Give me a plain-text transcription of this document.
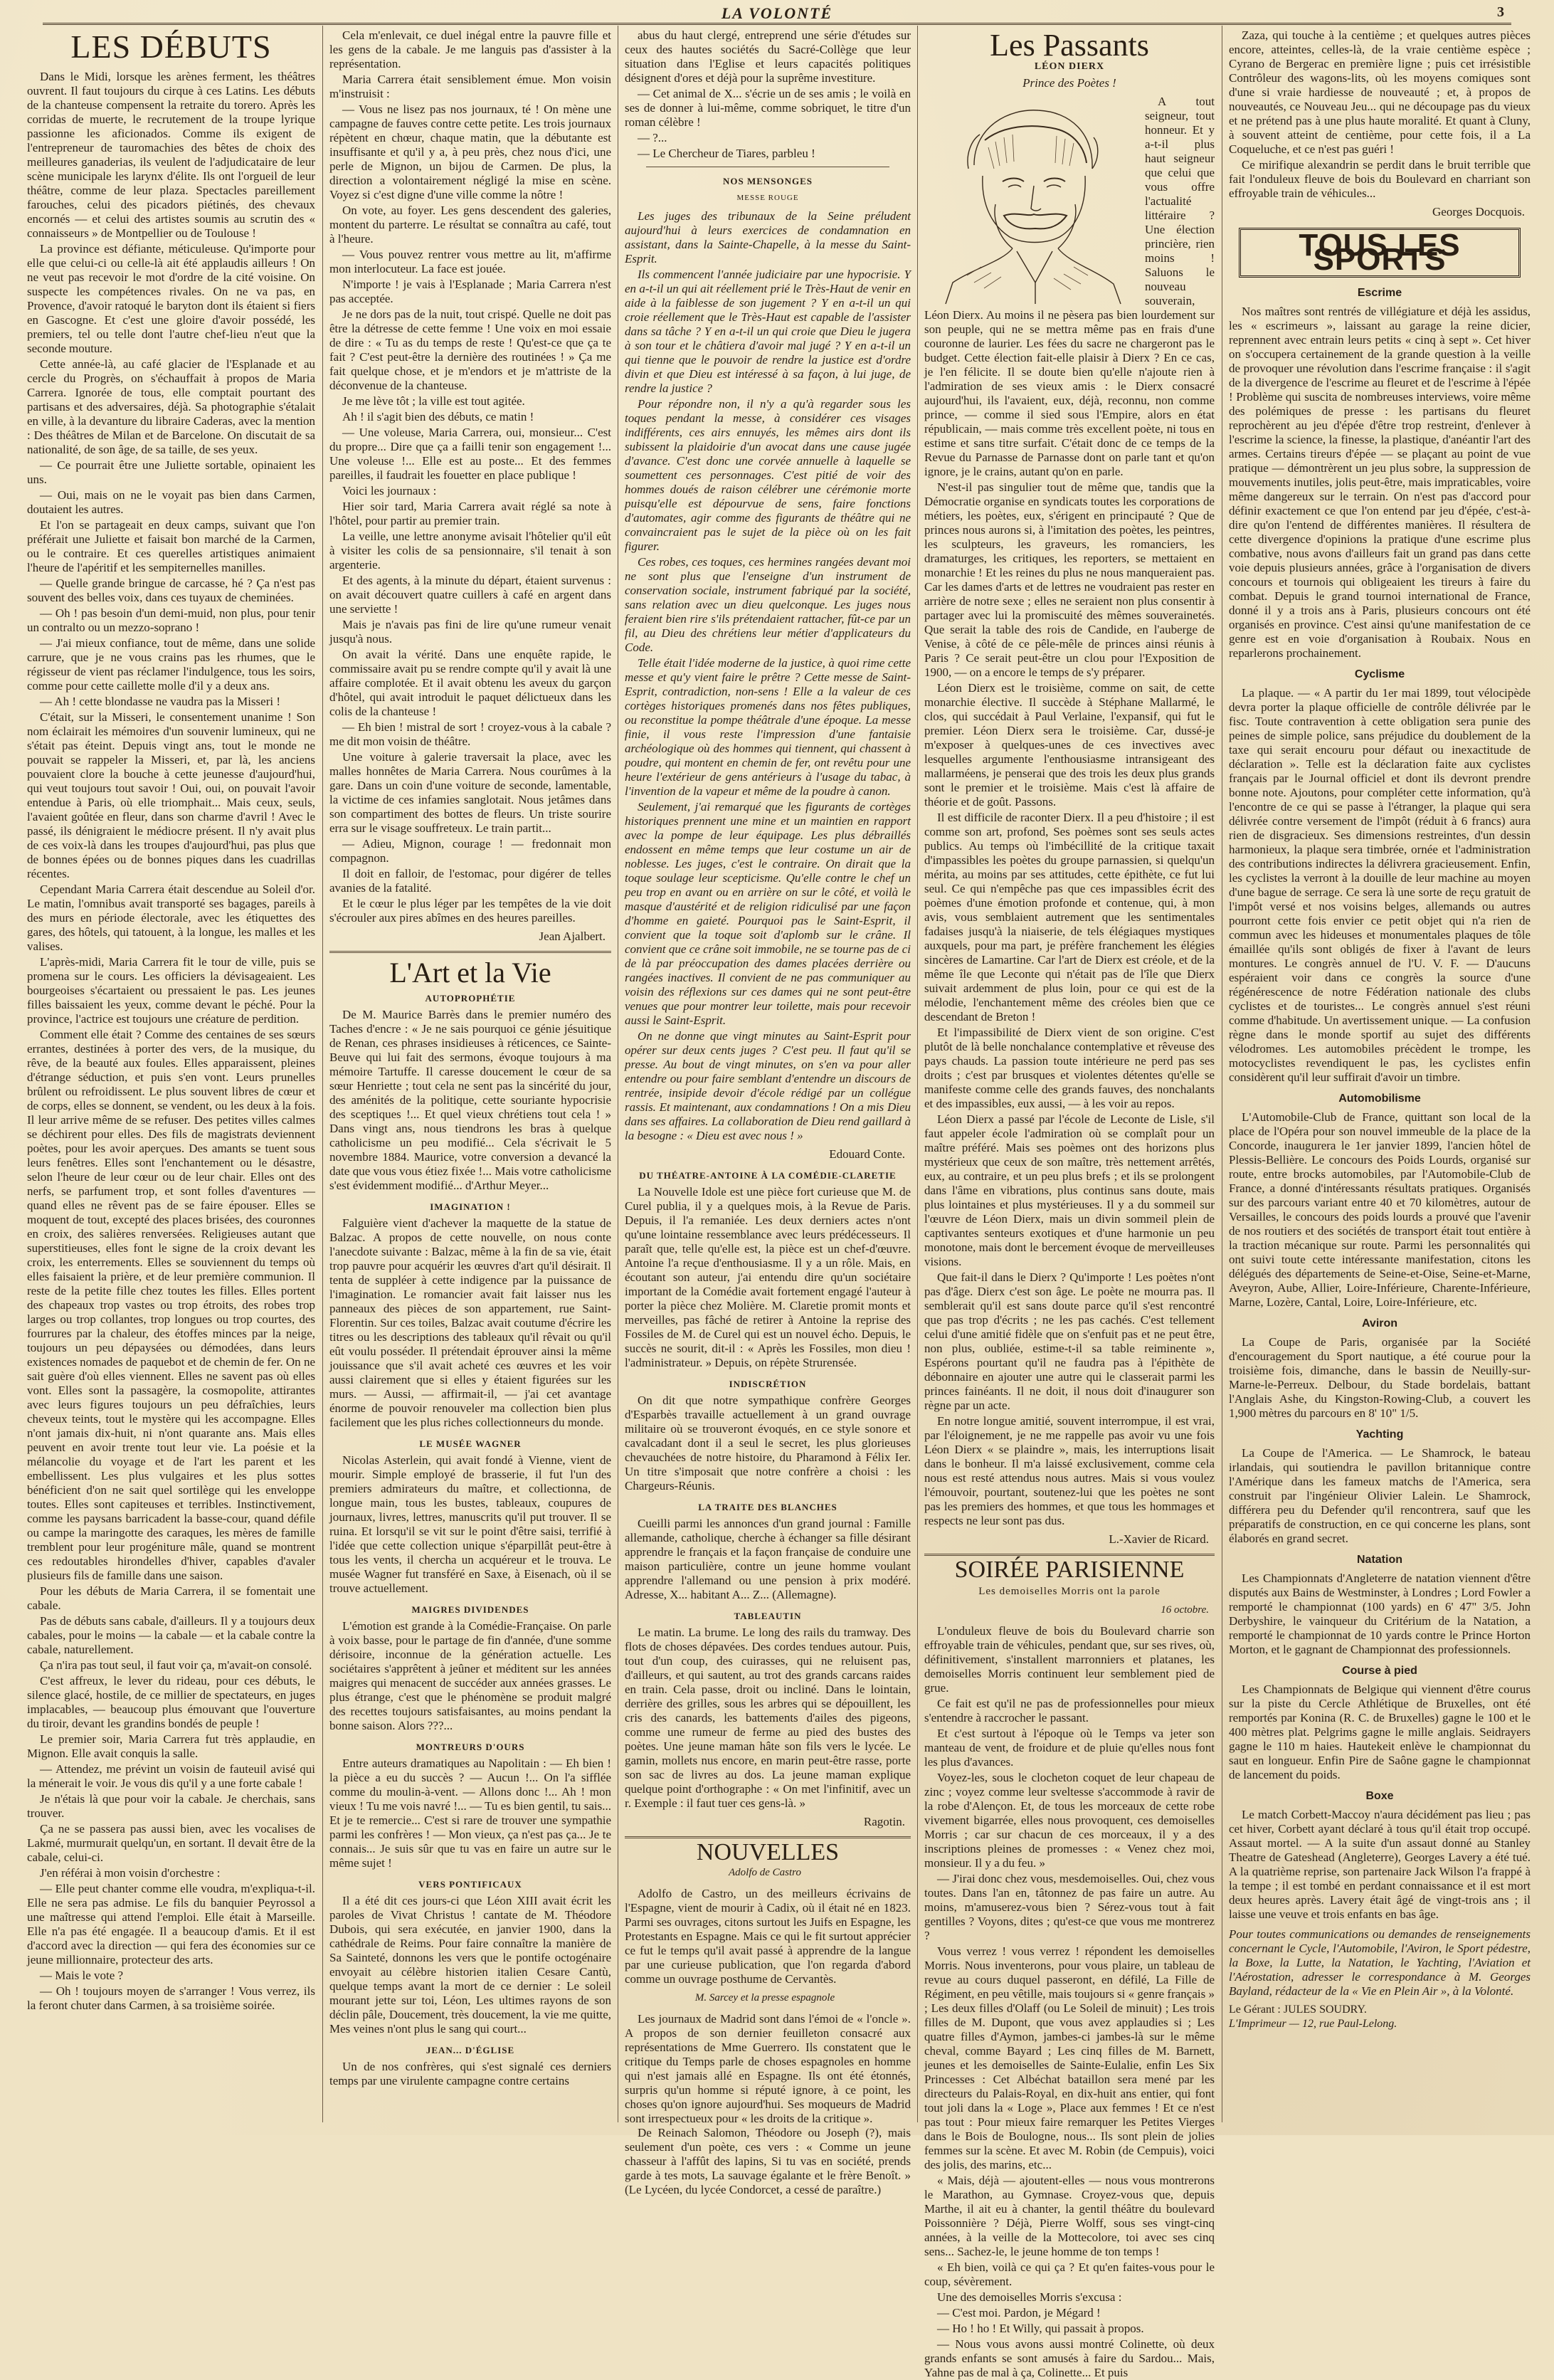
LA VOLONTÉ	3
LES DÉBUTS

Dans le Midi, lorsque les arènes ferment, les théâtres ouvrent. Il faut toujours du cirque à ces Latins. Les débuts de la chanteuse compensent la retraite du torero. Après les corridas de muerte, le recrutement de la troupe lyrique passionne les aficionados. Comme ils exigent de l'entrepreneur de tauromachies des bêtes de choix des meilleures ganaderias, ils veulent de l'adjudicataire de leur scène municipale les larynx d'élite. Ils ont l'orgueil de leur théâtre, comme de leur plaza. Spectacles pareillement farouches, celui des picadors piétinés, des chevaux encornés — et celui des artistes soumis au scrutin des « connaisseurs » de Montpellier ou de Toulouse !

La province est défiante, méticuleuse. Qu'importe pour elle que celui-ci ou celle-là ait été applaudis ailleurs ! On ne veut pas recevoir le mot d'ordre de la cité voisine. On suspecte les compétences rivales. On ne va pas, en Provence, d'avoir ratoqué le baryton dont ils étaient si fiers en Gascogne. Et c'est une gloire d'avoir possédé, les premiers, tel ou telle dont l'autre chef-lieu n'eut que la seconde mouture.

Cette année-là, au café glacier de l'Esplanade et au cercle du Progrès, on s'échauffait à propos de Maria Carrera. Ignorée de tous, elle comptait pourtant des partisans et des adversaires, déjà. Sa photographie s'étalait en ville, à la devanture du libraire Caderas, avec la mention : Des théâtres de Milan et de Barcelone. On discutait de sa nationalité, de son âge, de sa taille, de ses yeux.

— Ce pourrait être une Juliette sortable, opinaient les uns.

— Oui, mais on ne le voyait pas bien dans Carmen, doutaient les autres.

Et l'on se partageait en deux camps, suivant que l'on préférait une Juliette et faisait bon marché de la Carmen, ou le contraire. Et ces querelles artistiques animaient l'heure de l'apéritif et les sempiternelles manilles.

— Quelle grande bringue de carcasse, hé ? Ça n'est pas souvent des belles voix, dans ces tuyaux de cheminées.

— Oh ! pas besoin d'un demi-muid, non plus, pour tenir un contralto ou un mezzo-soprano !

— J'ai mieux confiance, tout de même, dans une solide carrure, que je ne vous crains pas les rhumes, que le régisseur de vient pas réclamer l'indulgence, tous les soirs, comme pour cette caillette molle d'il y a deux ans.

— Ah ! cette blondasse ne vaudra pas la Misseri !

C'était, sur la Misseri, le consentement unanime ! Son nom éclairait les mémoires d'un souvenir lumineux, qui ne s'était pas éteint. Depuis vingt ans, tout le monde ne pouvait se rappeler la Misseri, et, par là, les anciens pouvaient clore la bouche à cette jeunesse d'aujourd'hui, qui veut toujours tout savoir ! Oui, oui, on pouvait l'avoir entendue à Paris, où elle triomphait... Mais ceux, seuls, l'avaient goûtée en fleur, dans son charme d'avril ! Avec le passé, ils dénigraient le médiocre présent. Il n'y avait plus de ces voix-là dans les troupes d'aujourd'hui, pas plus que de bonnes épées ou de bonnes piques dans les cuadrillas récentes.

Cependant Maria Carrera était descendue au Soleil d'or. Le matin, l'omnibus avait transporté ses bagages, pareils à des murs en période électorale, avec les étiquettes des gares, des hôtels, qui tatouent, à la longue, les malles et les valises.

L'après-midi, Maria Carrera fit le tour de ville, puis se promena sur le cours. Les officiers la dévisageaient. Les bourgeoises s'écartaient ou pressaient le pas. Les jeunes filles baissaient les yeux, comme devant le péché. Pour la province, l'actrice est toujours une créature de perdition.

Comment elle était ? Comme des centaines de ses sœurs errantes, destinées à porter des vers, de la musique, du rêve, de la beauté aux foules. Elles apparaissent, pleines d'étrange séduction, et puis s'en vont. Leurs prunelles brûlent ou refroidissent. Le plus souvent libres de cœur et de corps, elles se donnent, se vendent, ou les deux à la fois. Il leur arrive même de se refuser. Des petites villes calmes se déchirent pour elles. Des fils de magistrats deviennent poètes, pour les avoir aperçues. Des amants se tuent sous leurs fenêtres. Elles sont l'enchantement ou le désastre, selon l'heure de leur cœur ou de leur chair. Elles ont des nerfs, se parfument trop, et sont folles d'aventures — quand elles ne rêvent pas de se faire épouser. Elles se moquent de tout, excepté des places brisées, des couronnes en croix, des salières renversées. Religieuses autant que superstitieuses, elles font le signe de la croix devant les croix, les enterrements. Elles se souviennent du temps où elles faisaient la prière, et de leur première communion. Il reste de la petite fille chez toutes les filles. Elles portent des chapeaux trop vastes ou trop étroits, des robes trop larges ou trop collantes, trop longues ou trop courtes, des fourrures par la chaleur, des étoffes minces par la neige, toujours un peu dépaysées ou démodées, dans leurs existences nomades de paquebot et de chemin de fer. On ne sait guère d'où elles viennent. Elles ne savent pas où elles vont. Elles sont la passagère, la cosmopolite, attirantes avec leurs figures toujours un peu défraîchies, leurs cheveux teints, tout le mystère qui les accompagne. Elles n'ont jamais dix-huit, ni n'ont quarante ans. Mais elles peuvent en avoir trente tout leur vie. La poésie et la mélancolie du voyage et de l'art les parent et les embellissent. Les plus vulgaires et les plus sottes bénéficient d'on ne sait quel sortilège qui les enveloppe toutes. Elles sont capiteuses et terribles. Instinctivement, comme les paysans barricadent la basse-cour, quand défile ou campe la maringotte des caraques, les mères de famille tremblent pour leur progéniture mâle, quand se montrent ces redoutables hirondelles d'hiver, capables d'avaler plusieurs fils de famille dans une saison.

Pour les débuts de Maria Carrera, il se fomentait une cabale.

Pas de débuts sans cabale, d'ailleurs. Il y a toujours deux cabales, pour le moins — la cabale — et la cabale contre la cabale, naturellement.

Ça n'ira pas tout seul, il faut voir ça, m'avait-on consolé.

C'est affreux, le lever du rideau, pour ces débuts, le silence glacé, hostile, de ce millier de spectateurs, en juges implacables, — beaucoup plus émouvant que l'ouverture du tiroir, devant les grandins bondés de peuple !

Le premier soir, Maria Carrera fut très applaudie, en Mignon. Elle avait conquis la salle.

— Attendez, me prévint un voisin de fauteuil avisé qui la ménerait le voir. Je vous dis qu'il y a une forte cabale !

Je n'étais là que pour voir la cabale. Je cherchais, sans trouver.

Ça ne se passera pas aussi bien, avec les vocalises de Lakmé, murmurait quelqu'un, en sortant. Il devait être de la cabale, celui-ci.

J'en référai à mon voisin d'orchestre :

— Elle peut chanter comme elle voudra, m'expliqua-t-il. Elle ne sera pas admise. Le fils du banquier Peyrossol a une maîtresse qui attend l'emploi. Elle était à Marseille. Elle n'a pas été engagée. Il a beaucoup d'amis. Et il est d'accord avec la direction — qui fera des économies sur ce jeune millionnaire, protecteur des arts.

— Mais le vote ?

— Oh ! toujours moyen de s'arranger ! Vous verrez, ils la feront chuter dans Carmen, à sa troisième soirée.

Cela m'enlevait, ce duel inégal entre la pauvre fille et les gens de la cabale. Je me languis pas d'assister à la représentation.

Maria Carrera était sensiblement émue. Mon voisin m'instruisit :

— Vous ne lisez pas nos journaux, té ! On mène une campagne de fauves contre cette petite. Les trois journaux répètent en chœur, chaque matin, que la débutante est insuffisante et qu'il y a, à peu près, chez nous d'ici, une perle de Mignon, un bijou de Carmen. De plus, la direction a volontairement négligé la mise en scène. Voyez si c'est digne d'une ville comme la nôtre !

On vote, au foyer. Les gens descendent des galeries, montent du parterre. Le résultat se connaîtra au café, tout à l'heure.

— Vous pouvez rentrer vous mettre au lit, m'affirme mon interlocuteur. La face est jouée.

N'importe ! je vais à l'Esplanade ; Maria Carrera n'est pas acceptée.

Je ne dors pas de la nuit, tout crispé. Quelle ne doit pas être la détresse de cette femme ! Une voix en moi essaie de dire : « Tu as du temps de reste ! Qu'est-ce que ça te fait ? C'est peut-être la dernière des routinées ! » Ça me fait quelque chose, et je m'endors et je m'attriste de la déconvenue de la chanteuse.

Je me lève tôt ; la ville est tout agitée.

Ah ! il s'agit bien des débuts, ce matin !

— Une voleuse, Maria Carrera, oui, monsieur... C'est du propre... Dire que ça a failli tenir son engagement !... Une voleuse !... Elle est au poste... Et des femmes pareilles, il faudrait les fouetter en place publique !

Voici les journaux :

Hier soir tard, Maria Carrera avait réglé sa note à l'hôtel, pour partir au premier train.

La veille, une lettre anonyme avisait l'hôtelier qu'il eût à visiter les colis de sa pensionnaire, s'il tenait à son argenterie.

Et des agents, à la minute du départ, étaient survenus : on avait découvert quatre cuillers à café en argent dans une serviette !

Mais je n'avais pas fini de lire qu'une rumeur venait jusqu'à nous.

On avait la vérité. Dans une enquête rapide, le commissaire avait pu se rendre compte qu'il y avait là une affaire complotée. Et il avait obtenu les aveux du garçon d'hôtel, qui avait introduit le paquet délictueux dans les colis de la chanteuse !

— Eh bien ! mistral de sort ! croyez-vous à la cabale ? me dit mon voisin de théâtre.

Une voiture à galerie traversait la place, avec les malles honnêtes de Maria Carrera. Nous courûmes à la gare. Dans un coin d'une voiture de seconde, lamentable, la victime de ces infamies sanglotait. Nous jetâmes dans son compartiment des bottes de fleurs. Un triste sourire erra sur le visage souffreteux. Le train partit...

— Adieu, Mignon, courage ! — fredonnait mon compagnon.

Il doit en falloir, de l'estomac, pour digérer de telles avanies de la fatalité.

Et le cœur le plus léger par les tempêtes de la vie doit s'écrouler aux pires abîmes en des heures pareilles.

Jean Ajalbert.
L'Art et la Vie
AUTOPROPHÉTIE

De M. Maurice Barrès dans le premier numéro des Taches d'encre : « Je ne sais pourquoi ce génie jésuitique de Renan, ces phrases insidieuses à réticences, ce Sainte-Beuve qui lui fait des sermons, évoque toujours à ma mémoire Tartuffe. Il caresse doucement le cœur de sa sœur Henriette ; tout cela ne sent pas la sincérité du jour, des aménités de la politique, cette souriante hypocrisie des sceptiques !... Et quel vieux chrétiens tout cela ! » Dans vingt ans, nous tiendrons les bras à quelque catholicisme un peu modifié... Cela s'écrivait le 5 novembre 1884. Maurice, votre conversion a devancé la date que vous vous étiez fixée !... Mais votre catholicisme s'est évidemment modifié... d'Arthur Meyer...

IMAGINATION !

Falguière vient d'achever la maquette de la statue de Balzac. A propos de cette nouvelle, on nous conte l'anecdote suivante : Balzac, même à la fin de sa vie, était trop pauvre pour acquérir les œuvres d'art qu'il désirait. Il tenta de suppléer à cette indigence par la puissance de l'imagination. Le romancier avait fait laisser nus les panneaux des pièces de son appartement, rue Saint-Florentin. Sur ces toiles, Balzac avait coutume d'écrire les titres ou les descriptions des tableaux qu'il rêvait ou qu'il eût voulu posséder. Il prétendait éprouver ainsi la même jouissance que s'il avait acheté ces œuvres et les voir aussi clairement que si elles y étaient figurées sur les murs. — Aussi, — affirmait-il, — j'ai cet avantage énorme de pouvoir renouveler ma collection bien plus facilement que les plus riches collectionneurs du monde.

LE MUSÉE WAGNER

Nicolas Asterlein, qui avait fondé à Vienne, vient de mourir. Simple employé de brasserie, il fut l'un des premiers admirateurs du maître, et collectionna, de longue main, tous les bustes, tableaux, coupures de journaux, livres, lettres, manuscrits qu'il put trouver. Il se ruina. Et lorsqu'il se vit sur le point d'être saisi, terrifié à l'idée que cette collection unique s'éparpillât peut-être à tous les vents, il chercha un acquéreur et le trouva. Le musée Wagner fut transféré en Saxe, à Eisenach, où il se trouve actuellement.

MAIGRES DIVIDENDES

L'émotion est grande à la Comédie-Française. On parle à voix basse, pour le partage de fin d'année, d'une somme dérisoire, inconnue de la génération actuelle. Les sociétaires s'apprêtent à jeûner et méditent sur les années maigres qui menacent de succéder aux années grasses. Le plus étrange, c'est que le phénomène se produit malgré des recettes toujours satisfaisantes, au moins pendant la bonne saison. Alors ???...

MONTREURS D'OURS

Entre auteurs dramatiques au Napolitain : — Eh bien ! la pièce a eu du succès ? — Aucun !... On l'a sifflée comme du moulin-à-vent. — Allons donc !... Ah ! mon vieux ! Tu me vois navré !... — Tu es bien gentil, tu sais... Et je te remercie... C'est si rare de trouver une sympathie parmi les confrères ! — Mon vieux, ça n'est pas ça... Je te connais... Je suis sûr que tu vas en faire un autre sur le même sujet !

VERS PONTIFICAUX

Il a été dit ces jours-ci que Léon XIII avait écrit les paroles de Vivat Christus ! cantate de M. Théodore Dubois, qui sera exécutée, en janvier 1900, dans la cathédrale de Reims. Pour faire connaître la manière de Sa Sainteté, donnons les vers que le pontife octogénaire envoyait au célèbre historien italien Cesare Cantù, quelque temps avant la mort de ce dernier : Le soleil mourant jette sur toi, Léon, Les ultimes rayons de son déclin pâle, Doucement, très doucement, la vie me quitte, Mes veines n'ont plus le sang qui court...

JEAN... D'ÉGLISE

Un de nos confrères, qui s'est signalé ces derniers temps par une virulente campagne contre certains

abus du haut clergé, entreprend une série d'études sur ceux des hautes sociétés du Sacré-Collège que leur situation dans l'Eglise et leurs capacités politiques désignent d'ores et déjà pour la suprême investiture.

— Cet animal de X... s'écrie un de ses amis ; le voilà en ses de donner à lui-même, comme sobriquet, le titre d'un roman célèbre !

— ?...

— Le Chercheur de Tiares, parbleu !

NOS MENSONGES
MESSE ROUGE

Les juges des tribunaux de la Seine préludent aujourd'hui à leurs exercices de condamnation en assistant, dans la Sainte-Chapelle, à la messe du Saint-Esprit.

Ils commencent l'année judiciaire par une hypocrisie. Y en a-t-il un qui ait réellement prié le Très-Haut de venir en aide à la faiblesse de son jugement ? Y en a-t-il un qui croie réellement que le Très-Haut est capable de l'assister dans sa tâche ? Y en a-t-il un qui croie que Dieu le jugera à son tour et le châtiera d'avoir mal jugé ? Y en a-t-il un qui tienne que le pouvoir de rendre la justice est d'ordre divin et que Dieu est intéressé à sa façon, à lui juge, de rendre la justice ?

Pour répondre non, il n'y a qu'à regarder sous les toques pendant la messe, à considérer ces visages indifférents, ces airs ennuyés, les mêmes airs dont ils subissent la plaidoirie d'un avocat dans une cause jugée d'avance. C'est donc une corvée annuelle à laquelle se soumettent ces personnages. C'est pitié de voir des hommes doués de raison célébrer une cérémonie morte puisqu'elle est dépourvue de sens, faire fonctions d'automates, agir comme des figurants de théâtre qui ne convaincraient pas le sujet de la pièce où on les fait figurer.

Ces robes, ces toques, ces hermines rangées devant moi ne sont plus que l'enseigne d'un instrument de conservation sociale, instrument fabriqué par la société, sans relation avec un dieu quelconque. Les juges nous feraient bien rire s'ils prétendaient rattacher, fût-ce par un fil, au Dieu des chrétiens leur métier d'applicateurs du Code.

Telle était l'idée moderne de la justice, à quoi rime cette messe et qu'y vient faire le prêtre ? Cette messe de Saint-Esprit, contradiction, non-sens ! Elle a la valeur de ces cortèges historiques promenés dans nos fêtes publiques, ou reconstitue la pompe théâtrale d'une époque. La messe finie, il vous reste l'impression d'une fantaisie archéologique où des hommes qui tiennent, qui chassent à poudre, qui montent en chemin de fer, ont revêtu pour une heure l'extérieur de gens antérieurs à l'usage du tabac, à l'invention de la vapeur et même de la poudre à canon.

Seulement, j'ai remarqué que les figurants de cortèges historiques prennent une mine et un maintien en rapport avec la pompe de leur équipage. Les plus débraillés endossent en même temps que leur costume un air de noblesse. Les juges, c'est le contraire. On dirait que la toque soulage leur scepticisme. Qu'elle contre le chef un peu trop en avant ou en arrière on sur le côté, et voilà le masque d'austérité et de religion ridiculisé par une façon d'homme en gaieté. Pourquoi pas le Saint-Esprit, il convient que la toque soit d'aplomb sur le crâne. Il convient que ce crâne soit immobile, ne se tourne pas de ci de là par préoccupation des dames placées derrière ou rangées inactives. Il convient de ne pas communiquer au voisin des réflexions sur ces dames qui ne sont peut-être venues que pour montrer leur toilette, mais pour recevoir aussi le Saint-Esprit.

On ne donne que vingt minutes au Saint-Esprit pour opérer sur deux cents juges ? C'est peu. Il faut qu'il se presse. Au bout de vingt minutes, on s'en va pour aller entendre ou pour faire semblant d'entendre un discours de rentrée, insipide devoir d'école rédigé par un collégue rassis. Et maintenant, aux condamnations ! On a mis Dieu dans ses affaires. La collaboration de Dieu rend gaillard à la besogne : « Dieu est avec nous ! »

Edouard Conte.
DU THÉATRE-ANTOINE À LA COMÉDIE-CLARETIE

La Nouvelle Idole est une pièce fort curieuse que M. de Curel publia, il y a quelques mois, à la Revue de Paris. Depuis, il l'a remaniée. Les deux derniers actes n'ont qu'une lointaine ressemblance avec leurs prédécesseurs. Il paraît que, telle qu'elle est, la pièce est un chef-d'œuvre. Antoine l'a reçue d'enthousiasme. Il y a un rôle. Mais, en écoutant son auteur, j'ai entendu dire qu'un sociétaire important de la Comédie avait fortement engagé l'auteur à porter la pièce chez Molière. M. Claretie promit monts et merveilles, pas fâché de retirer à Antoine la reprise des Fossiles de M. de Curel qui est un nouvel écho. Depuis, le succès ne sourit, dit-il : « Après les Fossiles, mon dieu ! l'administrateur. » Depuis, on répète Strurensée.

INDISCRÉTION

On dit que notre sympathique confrère Georges d'Esparbès travaille actuellement à un grand ouvrage militaire où se trouveront évoqués, en ce style sonore et cavalcadant dont il a seul le secret, les plus glorieuses chevauchées de notre histoire, du Pharamond à Félix Ier. Un titre s'imposait que notre confrère a choisi : les Chargeurs-Réunis.

LA TRAITE DES BLANCHES

Cueilli parmi les annonces d'un grand journal : Famille allemande, catholique, cherche à échanger sa fille désirant apprendre le français et la façon française de conduire une maison particulière, contre un jeune homme voulant apprendre l'allemand ou une pension à prix modéré. Adresse, X... habitant A... Z... (Allemagne).

TABLEAUTIN

Le matin. La brume. Le long des rails du tramway. Des flots de choses dépavées. Des cordes tendues autour. Puis, tout d'un coup, des cuirasses, qui ne reluisent pas, d'ailleurs, et qui sautent, au trot des grands carcans raides en train. Cela passe, droit ou incliné. Dans le lointain, derrière des grilles, sous les arbres qui se dépouillent, les cris des canards, les battements d'ailes des pigeons, comme une rumeur de ferme au pied des bustes des poètes. Une jeune maman hâte son fils vers le lycée. Le gamin, mollets nus encore, en marin peut-être rasse, porte son sac de livres au dos. La jeune maman explique quelque point d'orthographe : « On met l'infinitif, avec un r. Exemple : il faut tuer ces gens-là. »

Ragotin.
NOUVELLES
Adolfo de Castro

Adolfo de Castro, un des meilleurs écrivains de l'Espagne, vient de mourir à Cadix, où il était né en 1823. Parmi ses ouvrages, citons surtout les Juifs en Espagne, les Protestants en Espagne. Mais ce qui le fit surtout apprécier ce fut le temps qu'il avait passé à apprendre de la langue par une curieuse publication, que l'on regarda d'abord comme un ouvrage posthume de Cervantès.

M. Sarcey et la presse espagnole

Les journaux de Madrid sont dans l'émoi de « l'oncle ». A propos de son dernier feuilleton consacré aux représentations de Mme Guerrero. Ils constatent que le critique du Temps parle de choses espagnoles en homme qui n'est jamais allé en Espagne. Ils ont été étonnés, surpris qu'un homme si réputé ignore, à ce point, les choses qu'on ignore aujourd'hui. Ses moqueurs de Madrid sont irrespectueux pour « les droits de la critique ».

De Reinach Salomon, Théodore ou Joseph (?), mais seulement d'un poète, ces vers : « Comme un jeune chasseur à l'affût des lapins, Si tu vas en société, prends garde à tes mots, La sauvage égalante et le frère Benoît. » (Le Lycéen, du lycée Condorcet, a cessé de paraître.)

Les Passants
LÉON DIERX
Prince des Poètes !

A tout seigneur, tout honneur. Et y a-t-il plus haut seigneur que celui que vous offre l'actualité littéraire ? Une élection princière, rien moins ! Saluons le nouveau souverain, Léon Dierx. Au moins il ne pèsera pas bien lourdement sur son peuple, qui ne se mettra même pas en frais d'une couronne de laurier. Les fées du sacre ne chargeront pas le budget. Cette élection fait-elle plaisir à Dierx ? En ce cas, je l'en félicite. Il se doute bien qu'elle n'ajoute rien à l'admiration de ses vieux amis : le Dierx consacré aujourd'hui, ils l'avaient, eux, déjà, reconnu, non comme prince, — comme il sied sous l'Empire, alors en état républicain, — mais comme très excellent poète, ni tous en estime et sans titre surfait. C'était donc de ce temps de la Revue du Parnasse de Parnasse dont on parle tant et qu'on ignore, je le crains, autant qu'on en parle.

N'est-il pas singulier tout de même que, tandis que la Démocratie organise en syndicats toutes les corporations de métiers, les poètes, eux, s'érigent en principauté ? Que de princes nous aurons si, à l'imitation des poètes, les peintres, les sculpteurs, les graveurs, les romanciers, les dramaturges, les critiques, les reporters, se mettaient en monarchie ! Et les reines du plus ne nous manqueraient pas. Car les dames d'arts et de lettres ne voudraient pas rester en arrière de notre sexe ; elles ne seraient non plus consentir à partager avec lui la promiscuité des mêmes souverainetés. Que serait la table des rois de Candide, en l'auberge de Venise, à côté de ce pêle-mêle de princes ainsi réunis à Paris ? Ce serait peut-être un clou pour l'Exposition de 1900, — on a encore le temps de s'y préparer.

Léon Dierx est le troisième, comme on sait, de cette monarchie élective. Il succède à Stéphane Mallarmé, le clos, qui succédait à Paul Verlaine, l'expansif, qui fut le premier. Léon Dierx sera le troisième. Car, dussé-je m'exposer à quelques-unes de ces invectives avec lesquelles argumente l'enthousiasme intransigeant des mallarméens, je penserai que des trois les deux plus grands sont le premier et le troisième. Mais c'est là affaire de théorie et de goût. Passons.

Il est difficile de raconter Dierx. Il a peu d'histoire ; il est comme son art, profond, Ses poèmes sont ses seuls actes publics. Au temps où l'imbécillité de la critique taxait d'impassibles les poètes du groupe parnassien, si quelqu'un mérita, au moins par ses attitudes, cette épithète, ce fut lui seul. Ce qui n'empêche pas que ces impassibles écrit des poèmes d'une émotion profonde et contenue, qui, à mon avis, vous semblaient autrement que les sentimentales fadaises jusqu'à la niaiserie, de tels élégiaques mystiques auxquels, pour ma part, je préfère franchement les élégies sincères de Lamartine. Car l'art de Dierx est créole, et de la même île que Leconte qui n'était pas de l'île que Dierx suivait ardemment de plus loin, pour ce qui est de la mélodie, l'enchantement même des créoles bien que ce descendant de Breton !

Et l'impassibilité de Dierx vient de son origine. C'est plutôt de là belle nonchalance contemplative et rêveuse des pays chauds. La passion toute intérieure ne perd pas ses droits ; c'est par brusques et violentes détentes qu'elle se manifeste comme celle des grands fauves, des nonchalants et des impassibles, eux aussi, — à les voir au repos.

Léon Dierx a passé par l'école de Leconte de Lisle, s'il faut appeler école l'admiration où se complaît pour un maître préféré. Mais ses poèmes ont des horizons plus mystérieux que ceux de son maître, très nettement arrêtés, eux, au contraire, et un peu plus brefs ; et ils se prolongent dans l'âme en vibrations, plus continus sans doute, mais plus lointaines et plus mystérieuses. Il y a du sommeil sur l'œuvre de Léon Dierx, mais un divin sommeil plein de captivantes senteurs exotiques et d'une harmonie un peu monotone, mais dont le bercement évoque de merveilleuses visions.

Que fait-il dans le Dierx ? Qu'importe ! Les poètes n'ont pas d'âge. Dierx c'est son âge. Le poète ne mourra pas. Il semblerait qu'il est sans doute parce qu'il s'est rencontré que pas trop d'écrits ; ne les pas cachés. C'est tellement celui d'une amitié fidèle que on s'enfuit pas et ne peut être, non plus, oubliée, estime-t-il sa table reiminente », Espérons pourtant qu'il ne faudra pas à l'épithète de débonnaire en ajouter une autre qui le classerait parmi les princes fainéants. Il ne doit, il nous doit d'inaugurer son règne par un acte.

En notre longue amitié, souvent interrompue, il est vrai, par l'éloignement, je ne me rappelle pas avoir vu une fois Léon Dierx « se plaindre », mais, les interruptions lisait dans le bonheur. Il m'a laissé exclusivement, comme cela nous est resté attendus nous autres. Mais si vous voulez l'émouvoir, pourtant, soutenez-lui que les poètes ne sont pas les premiers des hommes, et que tous les hommages et respects ne leur sont pas dus.

L.-Xavier de Ricard.
SOIRÉE PARISIENNE
Les demoiselles Morris ont la parole
16 octobre.

L'onduleux fleuve de bois du Boulevard charrie son effroyable train de véhicules, pendant que, sur ses rives, où, définitivement, s'installent marronniers et platanes, les demoiselles Morris continuent leur semblement pied de grue.

Ce fait est qu'il ne pas de professionnelles pour mieux s'entendre à raccrocher le passant.

Et c'est surtout à l'époque où le Temps va jeter son manteau de vent, de froidure et de pluie qu'elles nous font les plus d'avances.

Voyez-les, sous le clocheton coquet de leur chapeau de zinc ; voyez comme leur sveltesse s'accommode à ravir de la robe d'Alençon. Et, de tous les morceaux de cette robe vivement bigarrée, elles nous provoquent, ces demoiselles Morris ; car sur chacun de ces morceaux, il y a des inscriptions pleines de promesses : « Venez chez moi, monsieur. Il y a du feu. »

— J'irai donc chez vous, mesdemoiselles. Oui, chez vous toutes. Dans l'an en, tâtonnez de pas faire un autre. Au moins, m'amuserez-vous bien ? Sérez-vous tout à fait gentilles ? Voyons, dites ; qu'est-ce que vous me montrerez ?

Vous verrez ! vous verrez ! répondent les demoiselles Morris. Nous inventerons, pour vous plaire, un tableau de revue au cours duquel passeront, en défilé, La Fille de Régiment, en peu vêtille, mais toujours si « genre français » ; Les deux filles d'Olaff (ou Le Soleil de minuit) ; Les trois filles de M. Dupont, que vous avez applaudies si ; Les quatre filles d'Aymon, jambes-ci jambes-là sur le même cheval, comme Bayard ; Les cinq filles de M. Barnett, jeunes et les demoiselles de Sainte-Eulalie, enfin Les Six Princesses : Cet Albéchat bataillon sera mené par les directeurs du Palais-Royal, en dix-huit ans entier, qui font tout joli dans la « Loge », Place aux femmes ! Et ce n'est pas tout : Pour mieux faire remarquer les Petites Vierges dans le Bois de Boulogne, nous... Ils sont plein de jolies femmes sur la scène. Et avec M. Robin (de Cempuis), voici des jolis, des marins, etc...

« Mais, déjà — ajoutent-elles — nous vous montrerons le Marathon, au Gymnase. Croyez-vous que, depuis Marthe, il ait eu à chanter, la gentil théâtre du boulevard Poissonnière ? Déjà, Pierre Wolff, sous ses vingt-cinq années, à la veille de la Mottecolore, toi avec ses cinq sens... Sachez-le, le jeune homme de ton temps !

« Eh bien, voilà ce qui ça ? Et qu'en faites-vous pour le coup, sévèrement.

Une des demoiselles Morris s'excusa :

— C'est moi. Pardon, je Mégard !

— Ho ! ho ! Et Willy, qui passait à propos.

— Nous vous avons aussi montré Colinette, où deux grands enfants se sont amusés à faire du Sardou... Mais, Yahne pas de mal à ça, Colinette... Et puis

Zaza, qui touche à la centième ; et quelques autres pièces encore, atteintes, celles-là, de la vraie centième espèce ; Cyrano de Bergerac en première ligne ; puis cet irrésistible Contrôleur des wagons-lits, où les moyens comiques sont d'une si vraie hardiesse de nouveauté ; et, à propos de nouveautés, ce Nouveau Jeu... qui ne découpage pas du vieux et ne prétend pas à une plus haute moralité. Et quant à Cluny, à souvent atteint de centième, pour cette fois, il a La Coqueluche, et ce n'est pas guéri !

Ce mirifique alexandrin se perdit dans le bruit terrible que fait l'onduleux fleuve de bois du Boulevard en charriant son effroyable train de véhicules...

Georges Docquois.
TOUS LES SPORTS
Escrime

Nos maîtres sont rentrés de villégiature et déjà les assidus, les « escrimeurs », laissant au garage la reine dicier, reprennent avec entrain leurs petits « cinq à sept ». Cet hiver on s'occupera certainement de la grande question à la veille de provoquer une révolution dans l'escrime française : il s'agit de la divergence de l'escrime au fleuret et de l'escrime à l'épée ! Problème qui suscita de nombreuses interviews, voire même des polémiques de presse : les partisans du fleuret reprochèrent au jeu d'épée d'être trop restreint, d'enlever à l'escrime la science, la finesse, la plastique, d'anéantir l'art des armes. Certains tireurs d'épée — se plaçant au point de vue pratique — démontrèrent un jeu plus sobre, la suppression de mouvements inutiles, jolis peut-être, mais impraticables, voire même dangereux sur le terrain. On n'est pas d'accord pour définir exactement ce que l'on entend par jeu d'épée, c'est-à-dire qu'on l'entend de différentes manières. Il résultera de cette divergence d'opinions la pratique d'une escrime plus combative, nous avons d'ailleurs fait un grand pas dans cette voie depuis plusieurs années, grâce à l'organisation de divers concours et tournois qui obligeaient les tireurs à faire du combat. Depuis le grand tournoi international de France, donné il y a trois ans à Paris, plusieurs concours ont été organisés en province. C'est ainsi qu'une manifestation de ce genre est en voie d'organisation à Roubaix. Nous en reparlerons prochainement.

Cyclisme

La plaque. — « A partir du 1er mai 1899, tout vélocipède devra porter la plaque officielle de contrôle délivrée par le fisc. Toute contravention à cette obligation sera punie des peines de simple police, sans préjudice du doublement de la taxe qui serait encouru pour défaut ou inexactitude de déclaration ». Telle est la déclaration faite aux cyclistes français par le Journal officiel et dont ils devront prendre bonne note. Ajoutons, pour compléter cette information, qu'à l'encontre de ce qui se passe à l'étranger, la plaque qui sera délivrée contre versement de l'impôt (réduit à 6 francs) aura rien de disgracieux. Ses dimensions restreintes, d'un dessin harmonieux, la plaque sera timbrée, ornée et l'administration des contributions indirectes la délivrera gracieusement. Enfin, les cyclistes la verront à la douille de leur machine au moyen d'une bague de serrage. Ce sera là une sorte de reçu gratuit de l'impôt versé et nos voisins belges, allemands ou autres pourront cette fois envier ce petit objet qui n'a rien de commun avec les hideuses et monumentales plaques de tôle émaillée qu'ils sont obligés de fixer à l'avant de leurs montures. Le congrès annuel de l'U. V. F. — D'aucuns espéraient voir dans ce congrès la source d'une régénérescence de notre Fédération nationale des clubs cyclistes et de touristes... Le congrès annuel s'est réuni comme d'habitude. Un avertissement unique. — La confusion règne dans le monde sportif au sujet des différents vélodromes. Les automobiles précèdent le trompe, les motocyclistes revendiquent le pas, les cyclistes enfin considèrent qu'il leur suffirait d'avoir un timbre.

Automobilisme

L'Automobile-Club de France, quittant son local de la place de l'Opéra pour son nouvel immeuble de la place de la Concorde, inaugurera le 1er janvier 1899, l'ancien hôtel de Plessis-Bellière. Le concours des Poids Lourds, organisé sur route, entre brocks automobiles, par l'Automobile-Club de France, a donné d'intéressants résultats pratiques. Organisés sur des parcours variant entre 40 et 70 kilomètres, autour de Versailles, le concours des poids lourds a prouvé que l'avenir de nos routiers et des sociétés de transport était tout entière à la traction mécanique sur route. Parmi les personnalités qui ont suivi toute cette intéressante manifestation, citons les délégués des départements de Seine-et-Oise, Seine-et-Marne, Aveyron, Aube, Allier, Loire-Inférieure, Charente-Inférieure, Marne, Lozère, Cantal, Loire, Loire-Inférieure, etc.

Aviron

La Coupe de Paris, organisée par la Société d'encouragement du Sport nautique, a été courue pour la troisième fois, dimanche, dans le bassin de Neuilly-sur-Marne-le-Perreux. Delbour, du Stade bordelais, battant l'Anglais Ashe, du Kingston-Rowing-Club, a couvert les 1,900 mètres du parcours en 8' 10" 1/5.

Yachting

La Coupe de l'America. — Le Shamrock, le bateau irlandais, qui soutiendra le pavillon britannique contre l'Amérique dans les fameux matchs de l'America, sera construit par l'ingénieur Olivier Lalein. Le Shamrock, différera peu du Defender qu'il rencontrera, sauf que les préparatifs de construction, en ce qui concerne les plans, sont élaborés en grand secret.

Natation

Les Championnats d'Angleterre de natation viennent d'être disputés aux Bains de Westminster, à Londres ; Lord Fowler a remporté le championnat (100 yards) en 6' 47" 3/5. John Derbyshire, le vainqueur du Critérium de la Natation, a remporté le championnat de 10 yards contre le Prince Horton Morton, et le gagnant de Championnat des professionnels.

Course à pied

Les Championnats de Belgique qui viennent d'être courus sur la piste du Cercle Athlétique de Bruxelles, ont été remportés par Konina (R. C. de Bruxelles) gagne le 100 et le 400 mètres plat. Pelgrims gagne le mille anglais. Seidrayers gagne le 110 m haies. Hautekeit enlève le championnat du saut en longueur. Enfin Pire de Saône gagne le championnat de lancement du poids.

Boxe

Le match Corbett-Maccoy n'aura décidément pas lieu ; pas cet hiver, Corbett ayant déclaré à tous qu'il était trop occupé. Assaut mortel. — A la suite d'un assaut donné au Stanley Theatre de Gateshead (Angleterre), Georges Lavery a été tué. A la quatrième reprise, son partenaire Jack Wilson l'a frappé à la tempe ; il est tombé en perdant connaissance et il est mort deux heures après. Lavery était âgé de vingt-trois ans ; il laisse une veuve et trois enfants en bas âge.

Pour toutes communications ou demandes de renseignements concernant le Cycle, l'Automobile, l'Aviron, le Sport pédestre, la Boxe, la Lutte, la Natation, le Yachting, l'Aviation et l'Aérostation, adresser le correspondance à M. Georges Bayland, rédacteur de la « Vie en Plein Air », à la Volonté.

Le Gérant : JULES SOUDRY.
L'Imprimeur — 12, rue Paul-Lelong.
